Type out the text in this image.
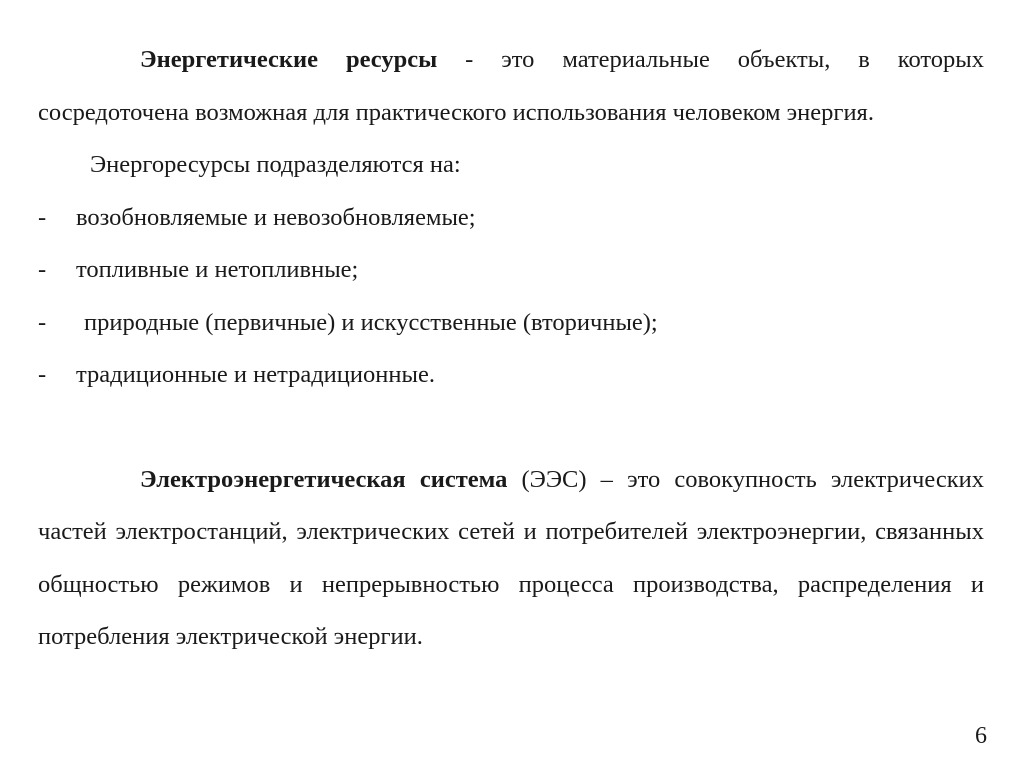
Энергетические ресурсы - это материальные объекты, в которых сосредоточена возможная для практического использования человеком энергия.

Энергоресурсы подразделяются на:

- возобновляемые и невозобновляемые;
- топливные и нетопливные;
- природные (первичные) и искусственные (вторичные);
- традиционные и нетрадиционные.

Электроэнергетическая система (ЭЭС) – это совокупность электрических частей электростанций, электрических сетей и потребителей электроэнергии, связанных общностью режимов и непрерывностью процесса производства, распределения и потребления электрической энергии.

6
